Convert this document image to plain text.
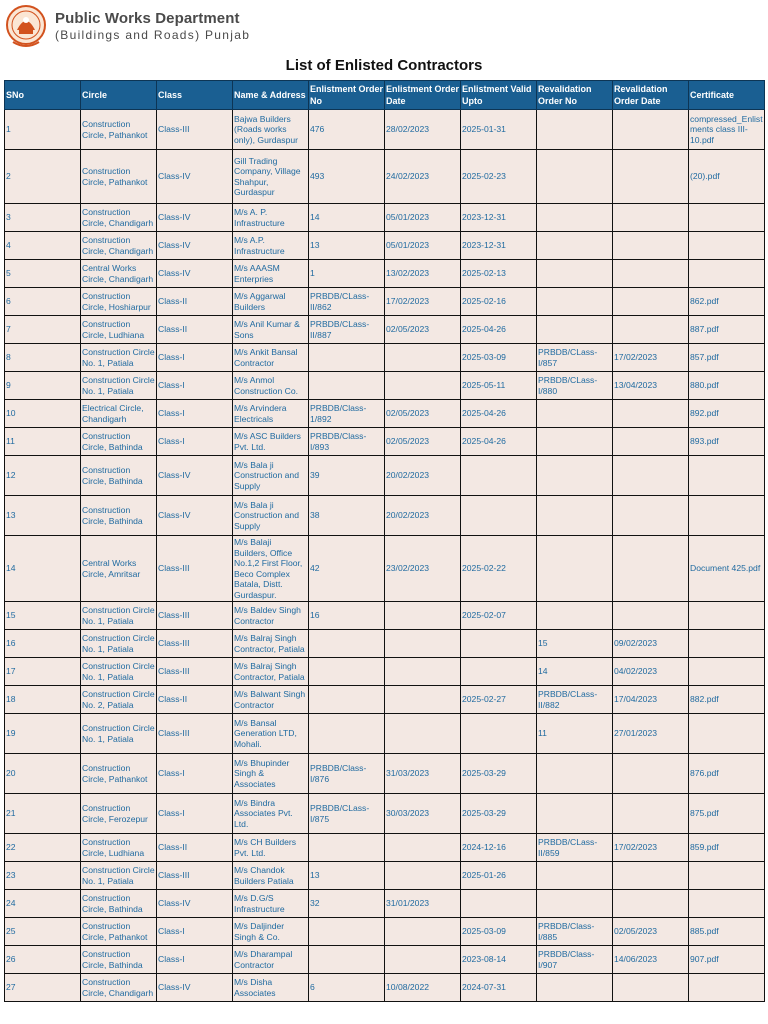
Public Works Department
(Buildings and Roads) Punjab
List of Enlisted Contractors
SNo	Circle	Class	Name & Address	Enlistment Order No	Enlistment Order Date	Enlistment Valid Upto	Revalidation Order No	Revalidation Order Date	Certificate
1	Construction Circle, Pathankot	Class-III	Bajwa Builders (Roads works only), Gurdaspur	476	28/02/2023	2025-01-31			compressed_Enlistments class III-10.pdf
2	Construction Circle, Pathankot	Class-IV	Gill Trading Company, Village Shahpur, Gurdaspur	493	24/02/2023	2025-02-23			(20).pdf
3	Construction Circle, Chandigarh	Class-IV	M/s A. P. Infrastructure	14	05/01/2023	2023-12-31			
4	Construction Circle, Chandigarh	Class-IV	M/s A.P. Infrastructure	13	05/01/2023	2023-12-31			
5	Central Works Circle, Chandigarh	Class-IV	M/s AAASM Enterpries	1	13/02/2023	2025-02-13			
6	Construction Circle, Hoshiarpur	Class-II	M/s Aggarwal Builders	PRBDB/CLass-II/862	17/02/2023	2025-02-16			862.pdf
7	Construction Circle, Ludhiana	Class-II	M/s Anil Kumar & Sons	PRBDB/CLass-II/887	02/05/2023	2025-04-26			887.pdf
8	Construction Circle No. 1, Patiala	Class-I	M/s Ankit Bansal Contractor			2025-03-09	PRBDB/CLass-I/857	17/02/2023	857.pdf
9	Construction Circle No. 1, Patiala	Class-I	M/s Anmol Construction Co.			2025-05-11	PRBDB/CLass-I/880	13/04/2023	880.pdf
10	Electrical Circle, Chandigarh	Class-I	M/s Arvindera Electricals	PRBDB/Class-1/892	02/05/2023	2025-04-26			892.pdf
11	Construction Circle, Bathinda	Class-I	M/s ASC Builders Pvt. Ltd.	PRBDB/Class-I/893	02/05/2023	2025-04-26			893.pdf
12	Construction Circle, Bathinda	Class-IV	M/s Bala ji Construction and Supply	39	20/02/2023				
13	Construction Circle, Bathinda	Class-IV	M/s Bala ji Construction and Supply	38	20/02/2023				
14	Central Works Circle, Amritsar	Class-III	M/s Balaji Builders, Office No.1,2 First Floor, Beco Complex Batala, Distt. Gurdaspur.	42	23/02/2023	2025-02-22			Document 425.pdf
15	Construction Circle No. 1, Patiala	Class-III	M/s Baldev Singh Contractor	16		2025-02-07			
16	Construction Circle No. 1, Patiala	Class-III	M/s Balraj Singh Contractor, Patiala				15	09/02/2023	
17	Construction Circle No. 1, Patiala	Class-III	M/s Balraj Singh Contractor, Patiala				14	04/02/2023	
18	Construction Circle No. 2, Patiala	Class-II	M/s Balwant Singh Contractor			2025-02-27	PRBDB/CLass-II/882	17/04/2023	882.pdf
19	Construction Circle No. 1, Patiala	Class-III	M/s Bansal Generation LTD, Mohali.				11	27/01/2023	
20	Construction Circle, Pathankot	Class-I	M/s Bhupinder Singh & Associates	PRBDB/Class-I/876	31/03/2023	2025-03-29			876.pdf
21	Construction Circle, Ferozepur	Class-I	M/s Bindra Associates Pvt. Ltd.	PRBDB/CLass-I/875	30/03/2023	2025-03-29			875.pdf
22	Construction Circle, Ludhiana	Class-II	M/s CH Builders Pvt. Ltd.			2024-12-16	PRBDB/CLass-II/859	17/02/2023	859.pdf
23	Construction Circle No. 1, Patiala	Class-III	M/s Chandok Builders Patiala	13		2025-01-26			
24	Construction Circle, Bathinda	Class-IV	M/s D.G/S Infrastructure	32	31/01/2023				
25	Construction Circle, Pathankot	Class-I	M/s Daljinder Singh & Co.			2025-03-09	PRBDB/Class-I/885	02/05/2023	885.pdf
26	Construction Circle, Bathinda	Class-I	M/s Dharampal Contractor			2023-08-14	PRBDB/Class-I/907	14/06/2023	907.pdf
27	Construction Circle, Chandigarh	Class-IV	M/s Disha Associates	6	10/08/2022	2024-07-31			
